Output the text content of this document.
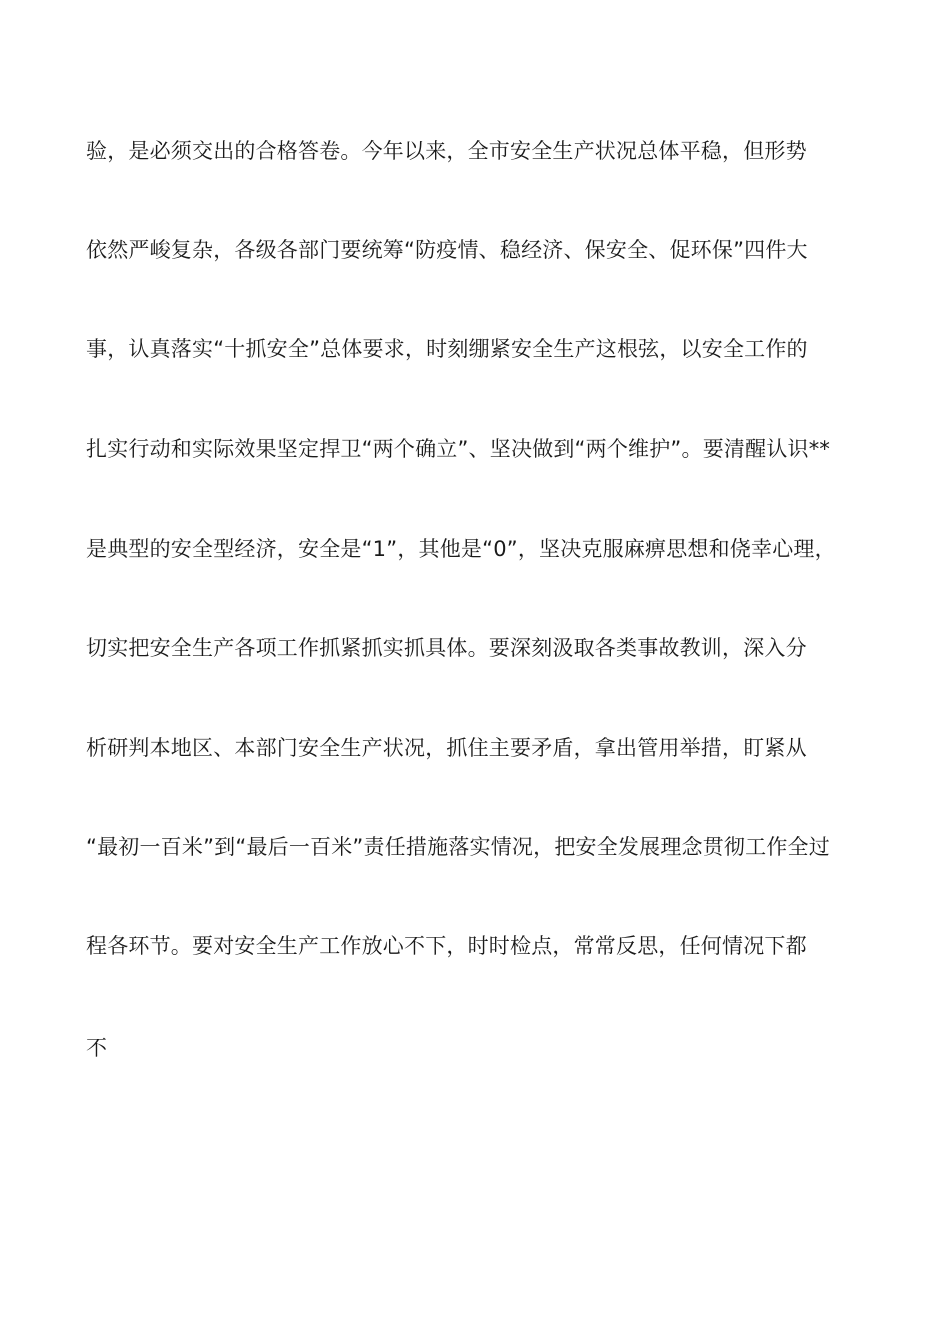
验，是必须交出的合格答卷。今年以来，全市安全生产状况总体平稳，但形势
依然严峻复杂，各级各部门要统筹“防疫情、稳经济、保安全、促环保”四件大
事，认真落实“十抓安全”总体要求，时刻绷紧安全生产这根弦，以安全工作的
扎实行动和实际效果坚定捍卫“两个确立”、坚决做到“两个维护”。要清醒认识**
是典型的安全型经济，安全是“1”，其他是“0”，坚决克服麻痹思想和侥幸心理，
切实把安全生产各项工作抓紧抓实抓具体。要深刻汲取各类事故教训，深入分
析研判本地区、本部门安全生产状况，抓住主要矛盾，拿出管用举措，盯紧从
“最初一百米”到“最后一百米”责任措施落实情况，把安全发展理念贯彻工作全过
程各环节。要对安全生产工作放心不下，时时检点，常常反思，任何情况下都
不
